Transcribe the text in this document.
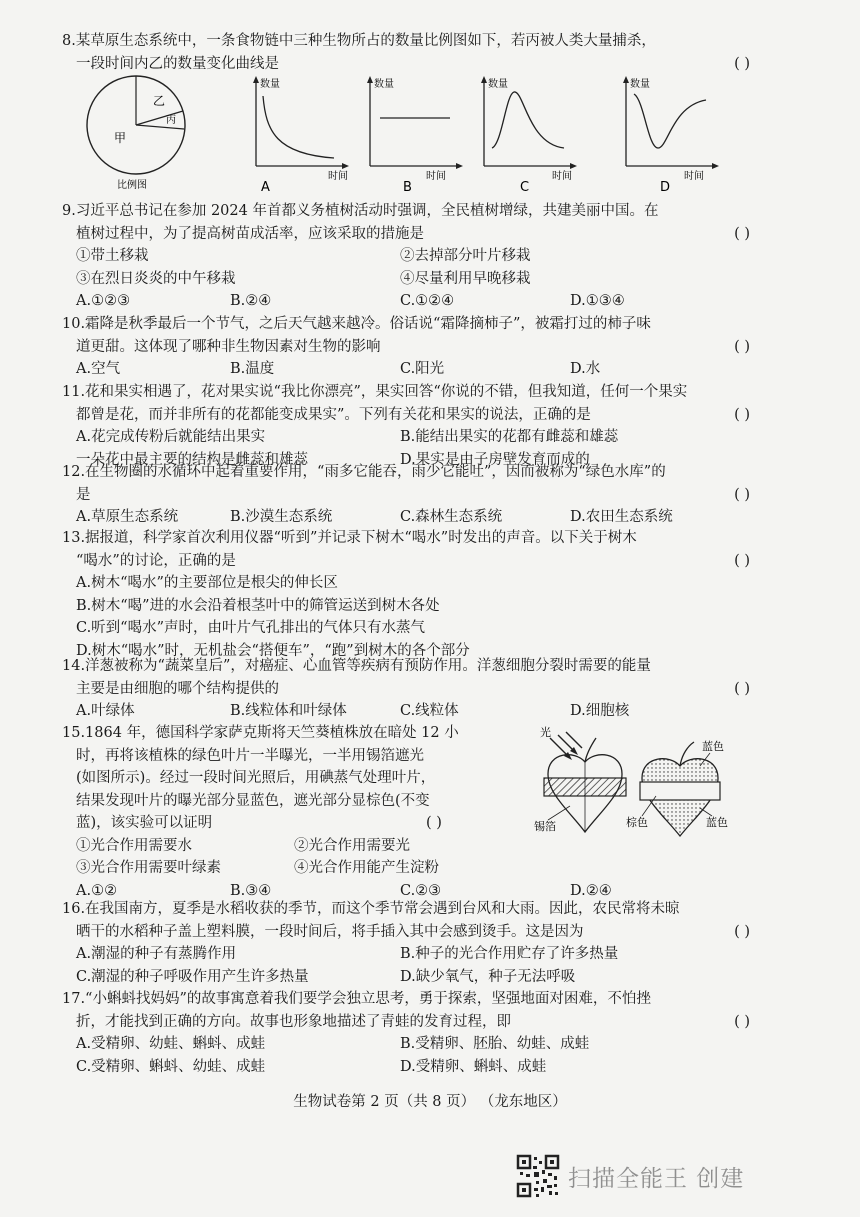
8.某草原生态系统中，一条食物链中三种生物所占的数量比例图如下，若丙被人类大量捕杀，
一段时间内乙的数量变化曲线是	( )
乙
丙
甲
比例图
数量
时间
A
数量
时间
B
数量
时间
C
数量
时间
D
9.习近平总书记在参加 2024 年首都义务植树活动时强调，全民植树增绿，共建美丽中国。在
植树过程中，为了提高树苗成活率，应该采取的措施是	( )
①带土移栽	②去掉部分叶片移栽
③在烈日炎炎的中午移栽	④尽量利用早晚移栽
A.①②③	B.②④	C.①②④	D.①③④
10.霜降是秋季最后一个节气，之后天气越来越冷。俗话说“霜降摘柿子”，被霜打过的柿子味
道更甜。这体现了哪种非生物因素对生物的影响	( )
A.空气	B.温度	C.阳光	D.水
11.花和果实相遇了，花对果实说“我比你漂亮”，果实回答“你说的不错，但我知道，任何一个果实
都曾是花，而并非所有的花都能变成果实”。下列有关花和果实的说法，正确的是	( )
A.花完成传粉后就能结出果实	B.能结出果实的花都有雌蕊和雄蕊
一朵花中最主要的结构是雌蕊和雄蕊	D.果实是由子房壁发育而成的
12.在生物圈的水循环中起着重要作用，“雨多它能吞，雨少它能吐”，因而被称为“绿色水库”的
是	( )
A.草原生态系统	B.沙漠生态系统	C.森林生态系统	D.农田生态系统
13.据报道，科学家首次利用仪器“听到”并记录下树木“喝水”时发出的声音。以下关于树木
“喝水”的讨论，正确的是	( )
A.树木“喝水”的主要部位是根尖的伸长区
B.树木“喝”进的水会沿着根茎叶中的筛管运送到树木各处
C.听到“喝水”声时，由叶片气孔排出的气体只有水蒸气
D.树木“喝水”时，无机盐会“搭便车”，“跑”到树木的各个部分
14.洋葱被称为“蔬菜皇后”，对癌症、心血管等疾病有预防作用。洋葱细胞分裂时需要的能量
主要是由细胞的哪个结构提供的	( )
A.叶绿体	B.线粒体和叶绿体	C.线粒体	D.细胞核
15.1864 年，德国科学家萨克斯将天竺葵植株放在暗处 12 小
时，再将该植株的绿色叶片一半曝光，一半用锡箔遮光
(如图所示)。经过一段时间光照后，用碘蒸气处理叶片，
结果发现叶片的曝光部分显蓝色，遮光部分显棕色(不变
蓝)，该实验可以证明	( )
①光合作用需要水	②光合作用需要光
③光合作用需要叶绿素	④光合作用能产生淀粉
A.①②	B.③④	C.②③	D.②④
光
锡箔
蓝色
棕色	蓝色
16.在我国南方，夏季是水稻收获的季节，而这个季节常会遇到台风和大雨。因此，农民常将未晾
晒干的水稻种子盖上塑料膜，一段时间后，将手插入其中会感到烫手。这是因为	( )
A.潮湿的种子有蒸腾作用	B.种子的光合作用贮存了许多热量
C.潮湿的种子呼吸作用产生许多热量	D.缺少氧气，种子无法呼吸
17.“小蝌蚪找妈妈”的故事寓意着我们要学会独立思考，勇于探索，坚强地面对困难，不怕挫
折，才能找到正确的方向。故事也形象地描述了青蛙的发育过程，即	( )
A.受精卵、幼蛙、蝌蚪、成蛙	B.受精卵、胚胎、幼蛙、成蛙
C.受精卵、蝌蚪、幼蛙、成蛙	D.受精卵、蝌蚪、成蛙
生物试卷第 2 页（共 8 页） （龙东地区）
扫描全能王 创建
